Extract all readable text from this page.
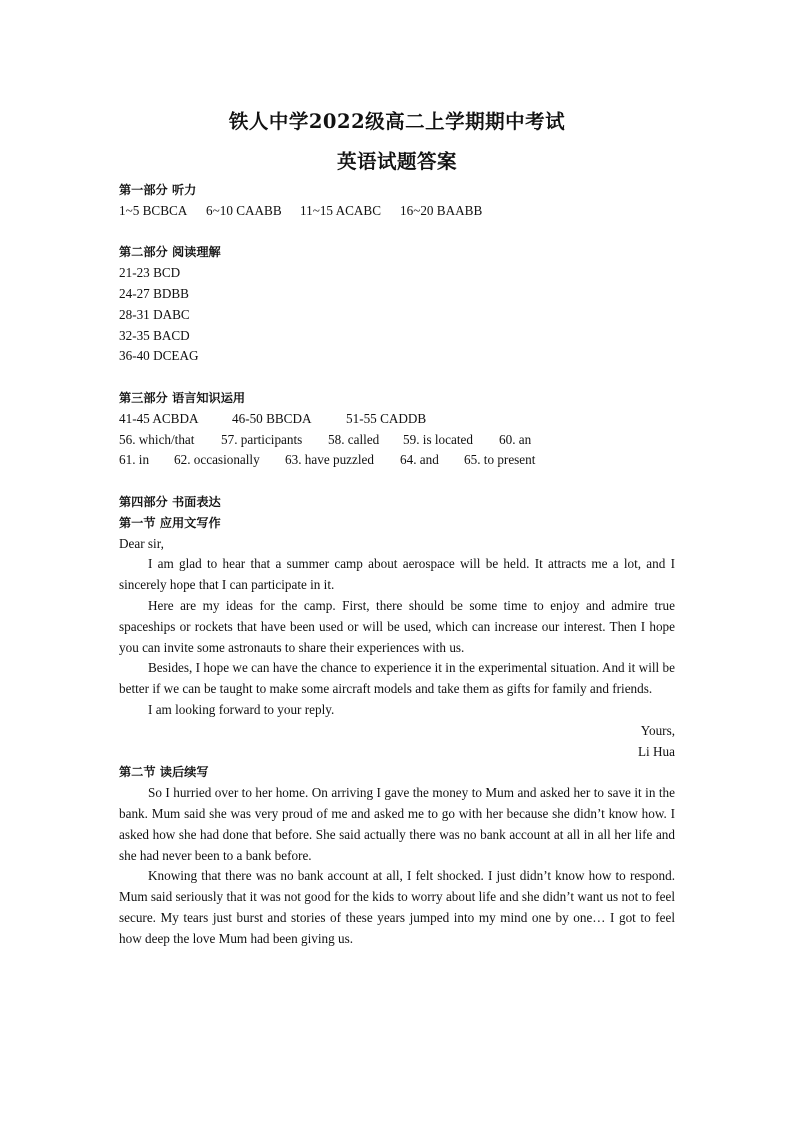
铁人中学2022级高二上学期期中考试
英语试题答案
第一部分 听力
1~5 BCBCA 6~10 CAABB 11~15 ACABC 16~20 BAABB
第二部分 阅读理解
21-23 BCD
24-27 BDBB
28-31 DABC
32-35 BACD
36-40 DCEAG
第三部分 语言知识运用
41-45 ACBDA	46-50 BBCDA	51-55 CADDB
56. which/that 57. participants 58. called 59. is located 60. an
61. in 62. occasionally 63. have puzzled 64. and 65. to present
第四部分 书面表达
第一节 应用文写作
Dear sir,

I am glad to hear that a summer camp about aerospace will be held. It attracts me a lot, and I sincerely hope that I can participate in it.

Here are my ideas for the camp. First, there should be some time to enjoy and admire true spaceships or rockets that have been used or will be used, which can increase our interest. Then I hope you can invite some astronauts to share their experiences with us.

Besides, I hope we can have the chance to experience it in the experimental situation. And it will be better if we can be taught to make some aircraft models and take them as gifts for family and friends.

I am looking forward to your reply.

Yours,
Li Hua
第二节 读后续写

So I hurried over to her home. On arriving I gave the money to Mum and asked her to save it in the bank. Mum said she was very proud of me and asked me to go with her because she didn’t know how. I asked how she had done that before. She said actually there was no bank account at all in all her life and she had never been to a bank before.

Knowing that there was no bank account at all, I felt shocked. I just didn’t know how to respond. Mum said seriously that it was not good for the kids to worry about life and she didn’t want us not to feel secure. My tears just burst and stories of these years jumped into my mind one by one… I got to feel how deep the love Mum had been giving us.
